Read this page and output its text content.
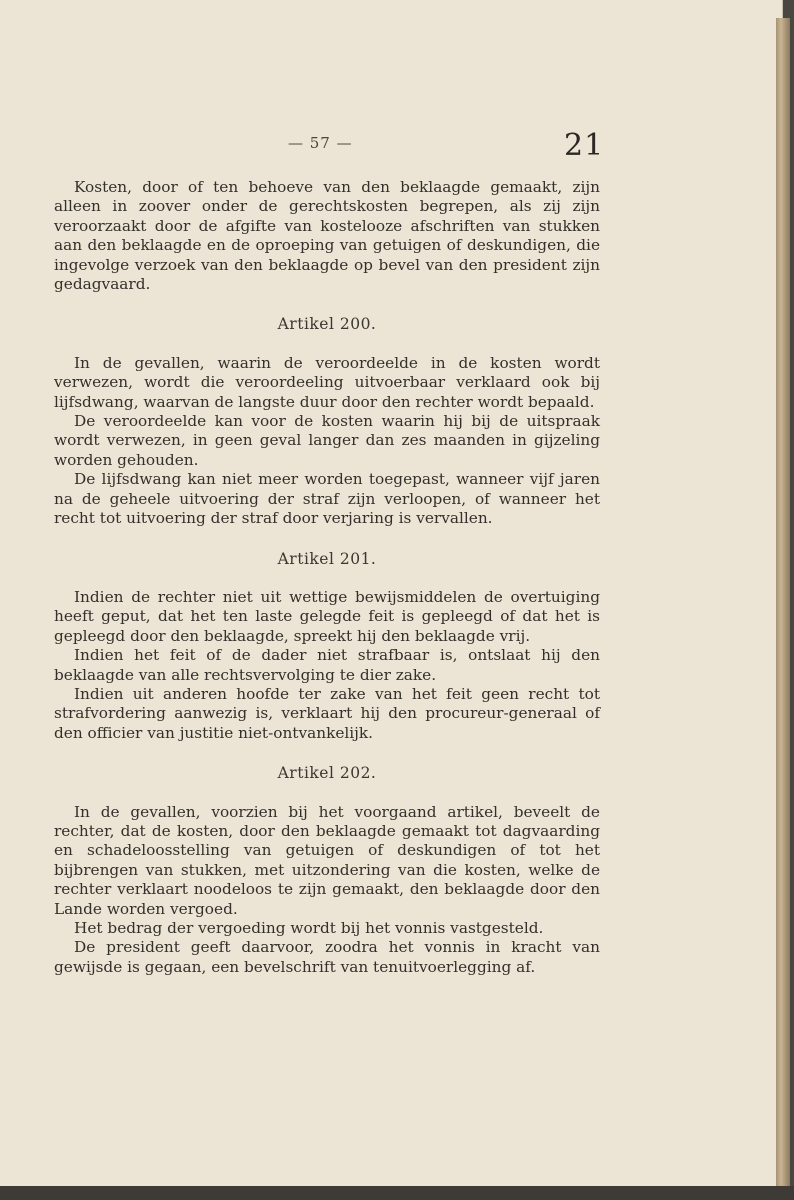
— 57 —	21

Kosten, door of ten behoeve van den beklaagde gemaakt, zijn alleen in zoover onder de gerechtskosten begrepen, als zij zijn veroorzaakt door de afgifte van kostelooze afschriften van stukken aan den beklaagde en de oproeping van getuigen of deskundigen, die ingevolge verzoek van den beklaagde op bevel van den president zijn gedagvaard.

Artikel 200.

In de gevallen, waarin de veroordeelde in de kosten wordt verwezen, wordt die veroordeeling uitvoerbaar verklaard ook bij lijfsdwang, waarvan de langste duur door den rechter wordt bepaald.

De veroordeelde kan voor de kosten waarin hij bij de uitspraak wordt verwezen, in geen geval langer dan zes maanden in gijzeling worden gehouden.

De lijfsdwang kan niet meer worden toegepast, wanneer vijf jaren na de geheele uitvoering der straf zijn verloopen, of wanneer het recht tot uitvoering der straf door verjaring is vervallen.

Artikel 201.

Indien de rechter niet uit wettige bewijsmiddelen de overtuiging heeft geput, dat het ten laste gelegde feit is gepleegd of dat het is gepleegd door den beklaagde, spreekt hij den beklaagde vrij.

Indien het feit of de dader niet strafbaar is, ontslaat hij den beklaagde van alle rechtsvervolging te dier zake.

Indien uit anderen hoofde ter zake van het feit geen recht tot strafvordering aanwezig is, verklaart hij den procureur-generaal of den officier van justitie niet-ontvankelijk.

Artikel 202.

In de gevallen, voorzien bij het voorgaand artikel, beveelt de rechter, dat de kosten, door den beklaagde gemaakt tot dagvaarding en schadeloosstelling van getuigen of deskundigen of tot het bijbrengen van stukken, met uitzondering van die kosten, welke de rechter verklaart noodeloos te zijn gemaakt, den beklaagde door den Lande worden vergoed.

Het bedrag der vergoeding wordt bij het vonnis vastgesteld.

De president geeft daarvoor, zoodra het vonnis in kracht van gewijsde is gegaan, een bevelschrift van tenuitvoerlegging af.
